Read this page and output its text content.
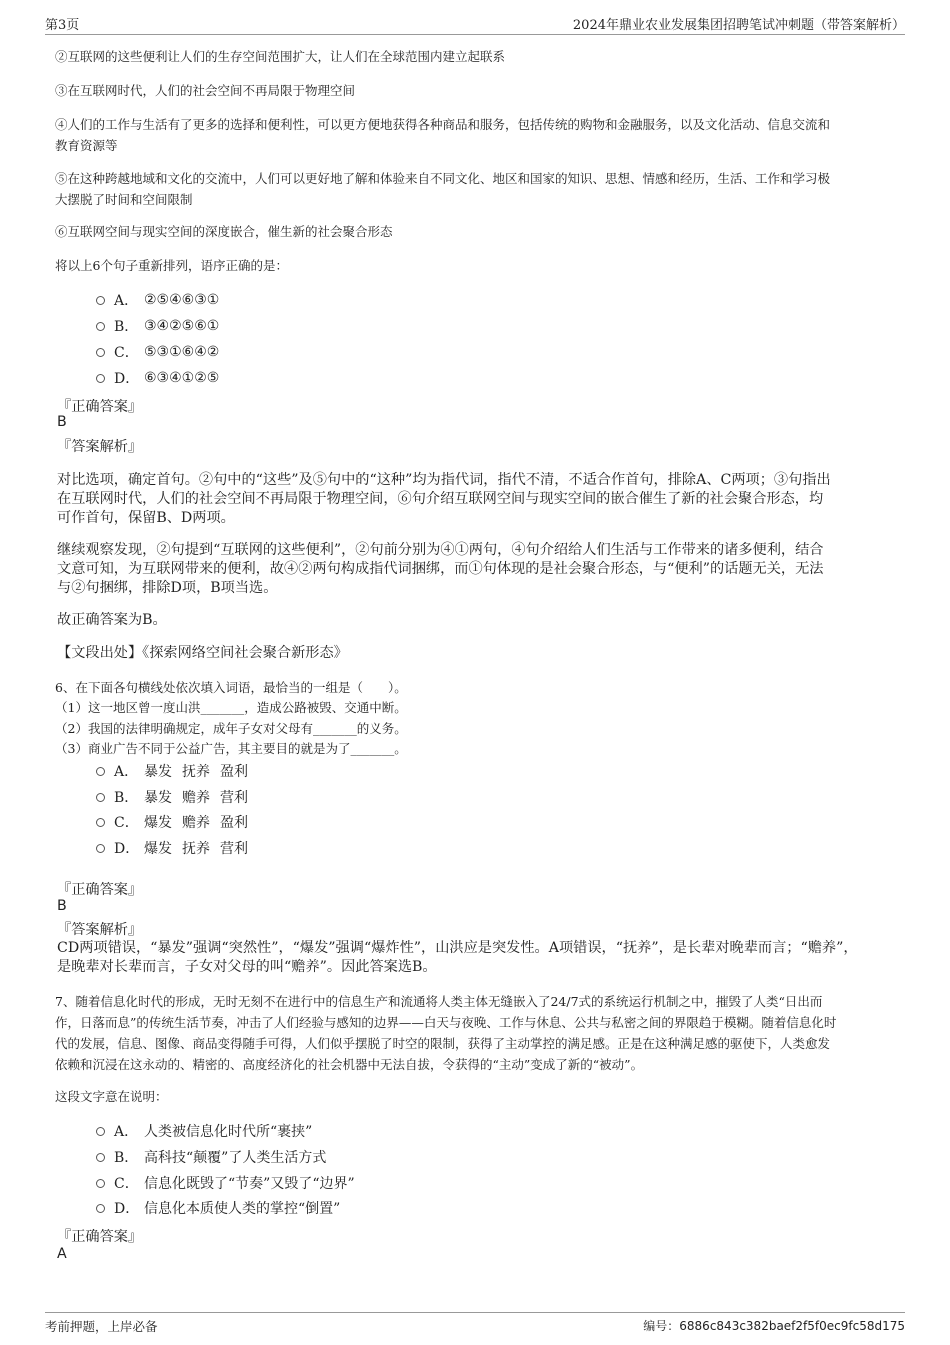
第3页	2024年鼎业农业发展集团招聘笔试冲刺题（带答案解析）
②互联网的这些便利让人们的生存空间范围扩大，让人们在全球范围内建立起联系
③在互联网时代，人们的社会空间不再局限于物理空间
④人们的工作与生活有了更多的选择和便利性，可以更方便地获得各种商品和服务，包括传统的购物和金融服务，以及文化活动、信息交流和
教育资源等
⑤在这种跨越地域和文化的交流中，人们可以更好地了解和体验来自不同文化、地区和国家的知识、思想、情感和经历，生活、工作和学习极
大摆脱了时间和空间限制
⑥互联网空间与现实空间的深度嵌合，催生新的社会聚合形态
将以上6个句子重新排列，语序正确的是：
A． ②⑤④⑥③①
B． ③④②⑤⑥①
C． ⑤③①⑥④②
D． ⑥③④①②⑤
『正确答案』
B
『答案解析』
对比选项，确定首句。②句中的“这些”及⑤句中的“这种”均为指代词，指代不清，不适合作首句，排除A、C两项；③句指出
在互联网时代，人们的社会空间不再局限于物理空间，⑥句介绍互联网空间与现实空间的嵌合催生了新的社会聚合形态，均
可作首句，保留B、D两项。
继续观察发现，②句提到“互联网的这些便利”，②句前分别为④①两句，④句介绍给人们生活与工作带来的诸多便利，结合
文意可知，为互联网带来的便利，故④②两句构成指代词捆绑，而①句体现的是社会聚合形态，与“便利”的话题无关，无法
与②句捆绑，排除D项，B项当选。
故正确答案为B。
【文段出处】《探索网络空间社会聚合新形态》
6、在下面各句横线处依次填入词语，最恰当的一组是（　　）。
（1）这一地区曾一度山洪_______，造成公路被毁、交通中断。
（2）我国的法律明确规定，成年子女对父母有_______的义务。
（3）商业广告不同于公益广告，其主要目的就是为了_______。
A． 暴发 抚养 盈利
B． 暴发 赡养 营利
C． 爆发 赡养 盈利
D． 爆发 抚养 营利
『正确答案』
B
『答案解析』
CD两项错误，“暴发”强调“突然性”，“爆发”强调“爆炸性”，山洪应是突发性。A项错误，“抚养”，是长辈对晚辈而言；“赡养”，
是晚辈对长辈而言，子女对父母的叫“赡养”。因此答案选B。
7、随着信息化时代的形成，无时无刻不在进行中的信息生产和流通将人类主体无缝嵌入了24/7式的系统运行机制之中，摧毁了人类“日出而
作，日落而息”的传统生活节奏，冲击了人们经验与感知的边界——白天与夜晚、工作与休息、公共与私密之间的界限趋于模糊。随着信息化时
代的发展，信息、图像、商品变得随手可得，人们似乎摆脱了时空的限制，获得了主动掌控的满足感。正是在这种满足感的驱使下，人类愈发
依赖和沉浸在这永动的、精密的、高度经济化的社会机器中无法自拔，令获得的“主动”变成了新的“被动”。
这段文字意在说明：
A． 人类被信息化时代所“裹挟”
B． 高科技“颠覆”了人类生活方式
C． 信息化既毁了“节奏”又毁了“边界”
D． 信息化本质使人类的掌控“倒置”
『正确答案』
A
考前押题，上岸必备	编号：6886c843c382baef2f5f0ec9fc58d175
